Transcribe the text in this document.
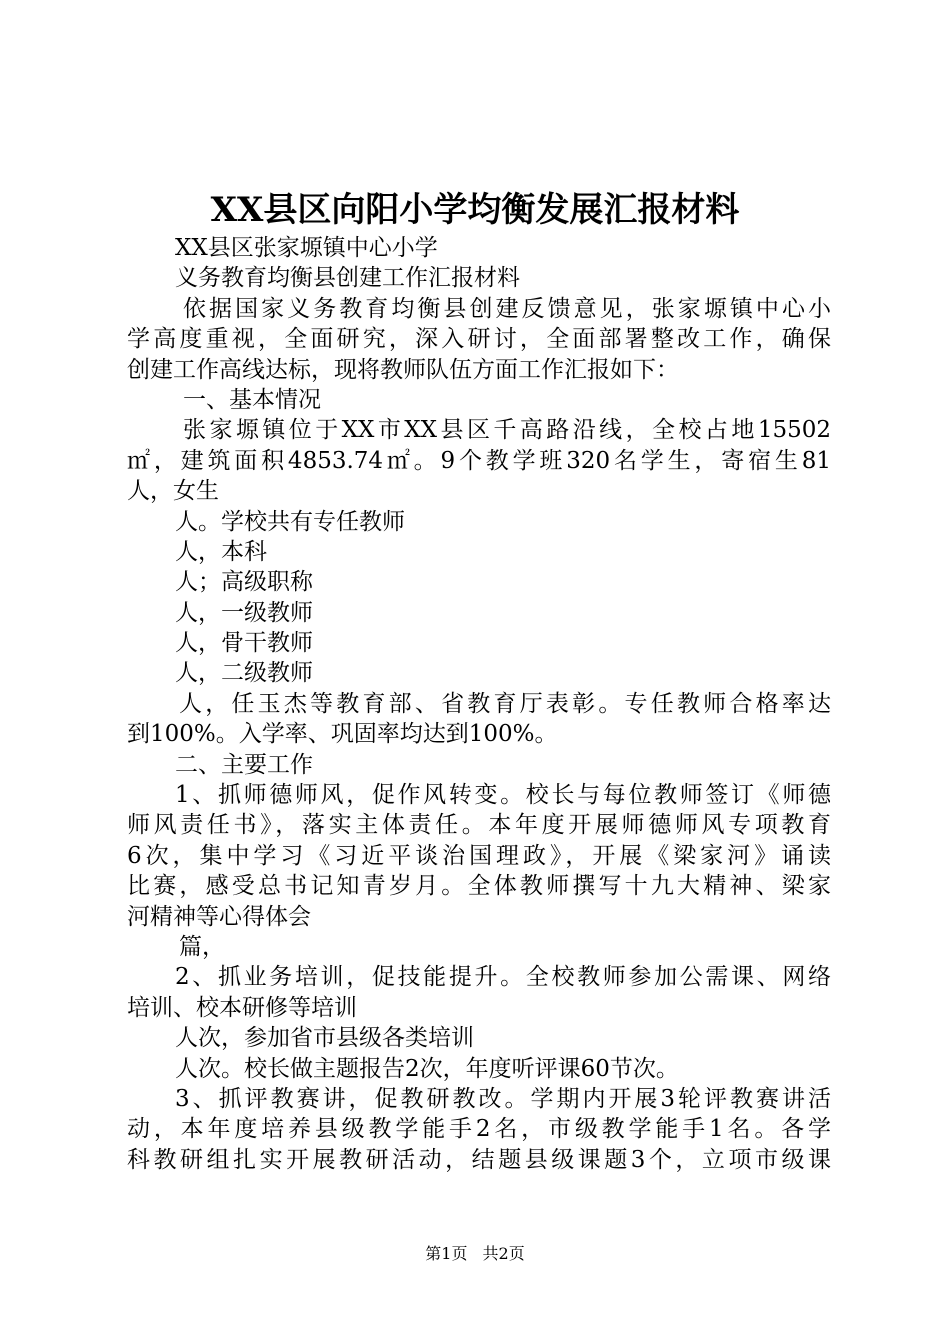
XX县区向阳小学均衡发展汇报材料
XX县区张家塬镇中心小学
义务教育均衡县创建工作汇报材料
依据国家义务教育均衡县创建反馈意见，张家塬镇中心小
学高度重视，全面研究，深入研讨，全面部署整改工作，确保
创建工作高线达标，现将教师队伍方面工作汇报如下：
一、基本情况
张家塬镇位于XX市XX县区千高路沿线，全校占地15502
㎡，建筑面积4853.74㎡。9个教学班320名学生，寄宿生81
人，女生
人。学校共有专任教师
人，本科
人；高级职称
人，一级教师
人，骨干教师
人，二级教师
人，任玉杰等教育部、省教育厅表彰。专任教师合格率达
到100%。入学率、巩固率均达到100%。
二、主要工作
1、抓师德师风，促作风转变。校长与每位教师签订《师德
师风责任书》，落实主体责任。本年度开展师德师风专项教育
6次，集中学习《习近平谈治国理政》，开展《梁家河》诵读
比赛，感受总书记知青岁月。全体教师撰写十九大精神、梁家
河精神等心得体会
篇，
2、抓业务培训，促技能提升。全校教师参加公需课、网络
培训、校本研修等培训
人次，参加省市县级各类培训
人次。校长做主题报告2次，年度听评课60节次。
3、抓评教赛讲，促教研教改。学期内开展3轮评教赛讲活
动，本年度培养县级教学能手2名，市级教学能手1名。各学
科教研组扎实开展教研活动，结题县级课题3个，立项市级课
第1页 共2页
